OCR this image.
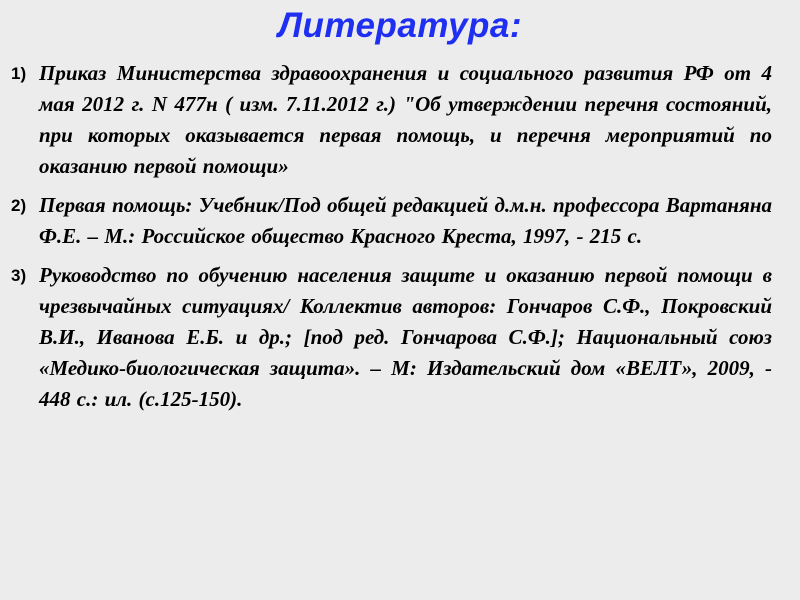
Литература:
1) Приказ Министерства здравоохранения и социального развития РФ от 4 мая 2012 г. N 477н ( изм. 7.11.2012 г.) "Об утверждении перечня состояний, при которых оказывается первая помощь, и перечня мероприятий по оказанию первой помощи»
2) Первая помощь: Учебник/Под общей редакцией д.м.н. профессора Вартаняна Ф.Е. – М.: Российское общество Красного Креста, 1997, - 215 с.
3) Руководство по обучению населения защите и оказанию первой помощи в чрезвычайных ситуациях/ Коллектив авторов: Гончаров С.Ф., Покровский В.И., Иванова Е.Б. и др.; [под ред. Гончарова С.Ф.]; Национальный союз «Медико-биологическая защита». – М: Издательский дом «ВЕЛТ», 2009, - 448 с.: ил. (с.125-150).
